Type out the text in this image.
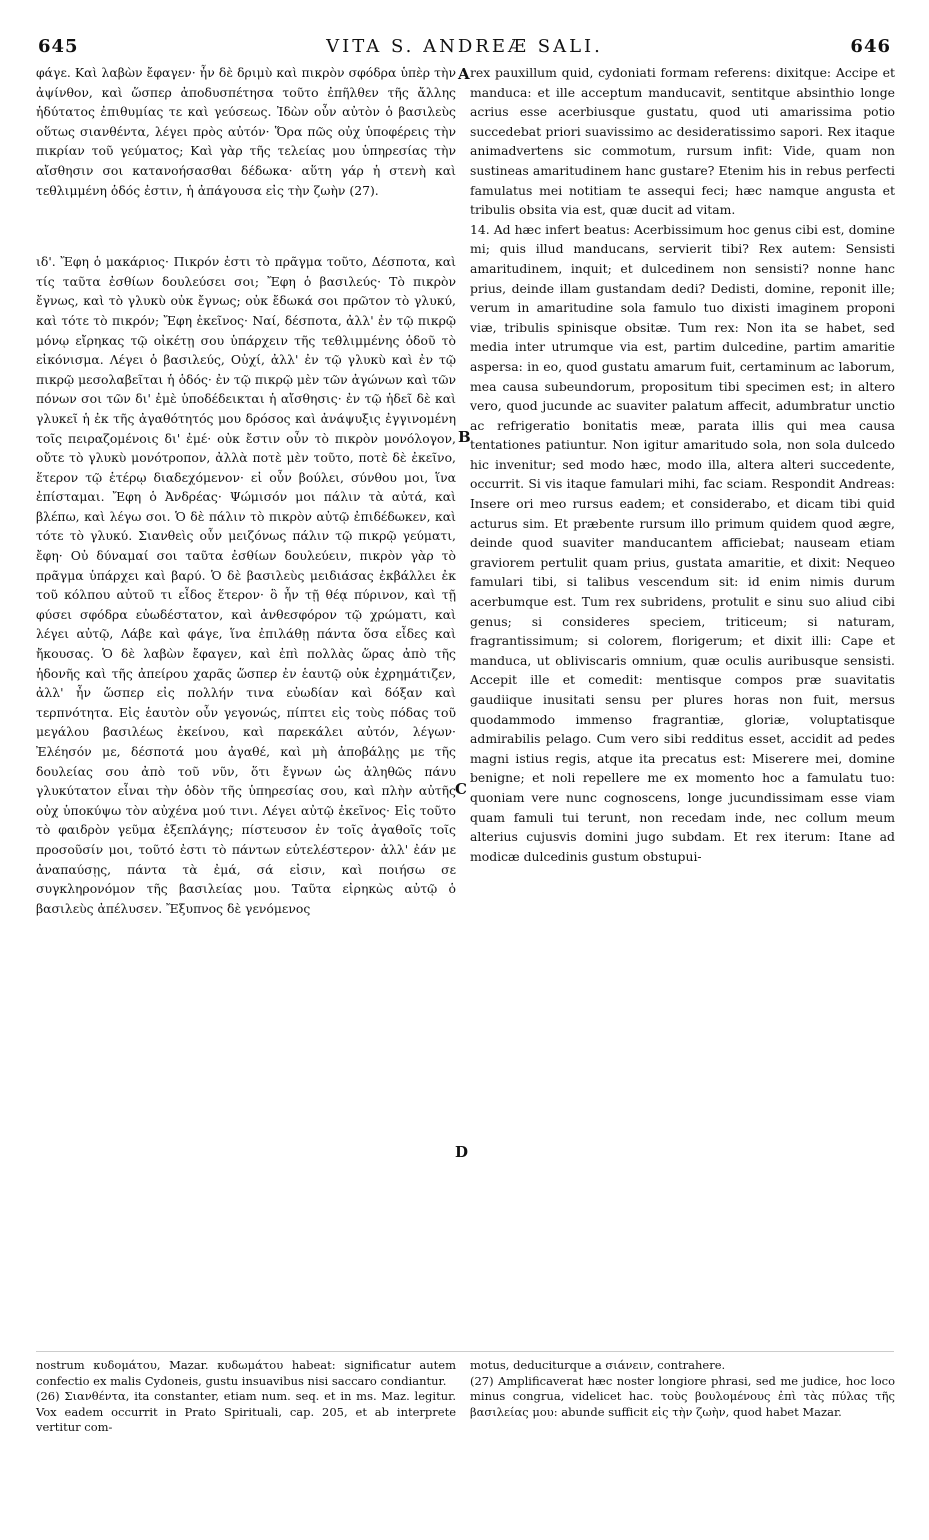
645	VITA S. ANDREÆ SALI.	646

φάγε. Καὶ λαβὼν ἔφαγεν· ἦν δὲ δριμὺ καὶ πικρὸν σφόδρα ὑπὲρ τὴν ἀψίνθον, καὶ ὥσπερ ἀποδυσπέτησα τοῦτο ἐπῆλθεν τῆς ἄλλης ἡδύτατος ἐπιθυμίας τε καὶ γεύσεως. Ἰδὼν οὖν αὐτὸν ὁ βασιλεὺς οὕτως σιανθέντα, λέγει πρὸς αὐτόν· Ὅρα πῶς οὐχ ὑποφέρεις τὴν πικρίαν τοῦ γεύματος; Καὶ γὰρ τῆς τελείας μου ὑπηρεσίας τὴν αἴσθησιν σοι κατανοήσασθαι δέδωκα· αὕτη γάρ ἡ στενὴ καὶ τεθλιμμένη ὁδός ἐστιν, ἡ ἀπάγουσα εἰς τὴν ζωὴν (27).

ιδ'. Ἔφη ὁ μακάριος· Πικρόν ἐστι τὸ πρᾶγμα τοῦτο, Δέσποτα, καὶ τίς ταῦτα ἐσθίων δουλεύσει σοι; Ἔφη ὁ βασιλεύς· Τὸ πικρὸν ἔγνως, καὶ τὸ γλυκὺ οὐκ ἔγνως; οὐκ ἔδωκά σοι πρῶτον τὸ γλυκύ, καὶ τότε τὸ πικρόν; Ἔφη ἐκεῖνος· Ναί, δέσποτα, ἀλλ' ἐν τῷ πικρῷ μόνῳ εἴρηκας τῷ οἰκέτῃ σου ὑπάρχειν τῆς τεθλιμμένης ὁδοῦ τὸ εἰκόνισμα. Λέγει ὁ βασιλεύς, Οὐχί, ἀλλ' ἐν τῷ γλυκὺ καὶ ἐν τῷ πικρῷ μεσολαβεῖται ἡ ὁδός· ἐν τῷ πικρῷ μὲν τῶν ἀγώνων καὶ τῶν πόνων σοι τῶν δι' ἐμὲ ὑποδέδεικται ἡ αἴσθησις· ἐν τῷ ἡδεῖ δὲ καὶ γλυκεῖ ἡ ἐκ τῆς ἀγαθότητός μου δρόσος καὶ ἀνάψυξις ἐγγινομένη τοῖς πειραζομένοις δι' ἐμέ· οὐκ ἔστιν οὖν τὸ πικρὸν μονόλογον, οὔτε τὸ γλυκὺ μονότροπον, ἀλλὰ ποτὲ μὲν τοῦτο, ποτὲ δὲ ἐκεῖνο, ἕτερον τῷ ἑτέρῳ διαδεχόμενον· εἰ οὖν βούλει, σύνθου μοι, ἵνα ἐπίσταμαι. Ἔφη ὁ Ἀνδρέας· Ψώμισόν μοι πάλιν τὰ αὐτά, καὶ βλέπω, καὶ λέγω σοι. Ὁ δὲ πάλιν τὸ πικρὸν αὐτῷ ἐπιδέδωκεν, καὶ τότε τὸ γλυκύ. Σιανθεὶς οὖν μειζόνως πάλιν τῷ πικρῷ γεύματι, ἔφη· Οὐ δύναμαί σοι ταῦτα ἐσθίων δουλεύειν, πικρὸν γὰρ τὸ πρᾶγμα ὑπάρχει καὶ βαρύ. Ὁ δὲ βασιλεὺς μειδιάσας ἐκβάλλει ἐκ τοῦ κόλπου αὐτοῦ τι εἶδος ἕτερον· ὃ ἦν τῇ θέᾳ πύρινον, καὶ τῇ φύσει σφόδρα εὐωδέστατον, καὶ ἀνθεσφόρον τῷ χρώματι, καὶ λέγει αὐτῷ, Λάβε καὶ φάγε, ἵνα ἐπιλάθῃ πάντα ὅσα εἶδες καὶ ἤκουσας. Ὁ δὲ λαβὼν ἔφαγεν, καὶ ἐπὶ πολλὰς ὥρας ἀπὸ τῆς ἡδονῆς καὶ τῆς ἀπείρου χαρᾶς ὥσπερ ἐν ἑαυτῷ οὐκ ἐχρημάτιζεν, ἀλλ' ἦν ὥσπερ εἰς πολλήν τινα εὐωδίαν καὶ δόξαν καὶ τερπνότητα. Εἰς ἑαυτὸν οὖν γεγονώς, πίπτει εἰς τοὺς πόδας τοῦ μεγάλου βασιλέως ἐκείνου, καὶ παρεκάλει αὐτόν, λέγων· Ἐλέησόν με, δέσποτά μου ἀγαθέ, καὶ μὴ ἀποβάλῃς με τῆς δουλείας σου ἀπὸ τοῦ νῦν, ὅτι ἔγνων ὡς ἀληθῶς πάνυ γλυκύτατον εἶναι τὴν ὁδὸν τῆς ὑπηρεσίας σου, καὶ πλὴν αὐτῆς οὐχ ὑποκύψω τὸν αὐχένα μού τινι. Λέγει αὐτῷ ἐκεῖνος· Εἰς τοῦτο τὸ φαιδρὸν γεῦμα ἐξεπλάγης; πίστευσον ἐν τοῖς ἀγαθοῖς τοῖς προσοῦσίν μοι, τοῦτό ἐστι τὸ πάντων εὐτελέστερον· ἀλλ' ἐάν με ἀναπαύσῃς, πάντα τὰ ἐμά, σά εἰσιν, καὶ ποιήσω σε συγκληρονόμον τῆς βασιλείας μου. Ταῦτα εἰρηκὼς αὐτῷ ὁ βασιλεὺς ἀπέλυσεν. Ἔξυπνος δὲ γενόμενος

A
B
C
D

rex pauxillum quid, cydoniati formam referens: dixitque: Accipe et manduca: et ille acceptum manducavit, sentitque absinthio longe acrius esse acerbiusque gustatu, quod uti amarissima potio succedebat priori suavissimo ac desideratissimo sapori. Rex itaque animadvertens sic commotum, rursum infit: Vide, quam non sustineas amaritudinem hanc gustare? Etenim his in rebus perfecti famulatus mei notitiam te assequi feci; hæc namque angusta et tribulis obsita via est, quæ ducit ad vitam.

14. Ad hæc infert beatus: Acerbissimum hoc genus cibi est, domine mi; quis illud manducans, servierit tibi? Rex autem: Sensisti amaritudinem, inquit; et dulcedinem non sensisti? nonne hanc prius, deinde illam gustandam dedi? Dedisti, domine, reponit ille; verum in amaritudine sola famulo tuo dixisti imaginem proponi viæ, tribulis spinisque obsitæ. Tum rex: Non ita se habet, sed media inter utrumque via est, partim dulcedine, partim amaritie aspersa: in eo, quod gustatu amarum fuit, certaminum ac laborum, mea causa subeundorum, propositum tibi specimen est; in altero vero, quod jucunde ac suaviter palatum affecit, adumbratur unctio ac refrigeratio bonitatis meæ, parata illis qui mea causa tentationes patiuntur. Non igitur amaritudo sola, non sola dulcedo hic invenitur; sed modo hæc, modo illa, altera alteri succedente, occurrit. Si vis itaque famulari mihi, fac sciam. Respondit Andreas: Insere ori meo rursus eadem; et considerabo, et dicam tibi quid acturus sim. Et præbente rursum illo primum quidem quod ægre, deinde quod suaviter manducantem afficiebat; nauseam etiam graviorem pertulit quam prius, gustata amaritie, et dixit: Nequeo famulari tibi, si talibus vescendum sit: id enim nimis durum acerbumque est. Tum rex subridens, protulit e sinu suo aliud cibi genus; si consideres speciem, triticeum; si naturam, fragrantissimum; si colorem, florigerum; et dixit illi: Cape et manduca, ut obliviscaris omnium, quæ oculis auribusque sensisti. Accepit ille et comedit: mentisque compos præ suavitatis gaudiique inusitati sensu per plures horas non fuit, mersus quodammodo immenso fragrantiæ, gloriæ, voluptatisque admirabilis pelago. Cum vero sibi redditus esset, accidit ad pedes magni istius regis, atque ita precatus est: Miserere mei, domine benigne; et noli repellere me ex momento hoc a famulatu tuo: quoniam vere nunc cognoscens, longe jucundissimam esse viam quam famuli tui terunt, non recedam inde, nec collum meum alterius cujusvis domini jugo subdam. Et rex iterum: Itane ad modicæ dulcedinis gustum obstupui-

nostrum κυδομάτου, Mazar. κυδωμάτου habeat: significatur autem confectio ex malis Cydoneis, gustu insuavibus nisi saccaro condiantur.

(26) Σιανθέντα, ita constanter, etiam num. seq. et in ms. Maz. legitur. Vox eadem occurrit in Prato Spirituali, cap. 205, et ab interprete vertitur com-

motus, deduciturque a σιάνειν, contrahere.

(27) Amplificaverat hæc noster longiore phrasi, sed me judice, hoc loco minus congrua, videlicet hac. τοὺς βουλομένους ἐπὶ τὰς πύλας τῆς βασιλείας μου: abunde sufficit εἰς τὴν ζωὴν, quod habet Mazar.
